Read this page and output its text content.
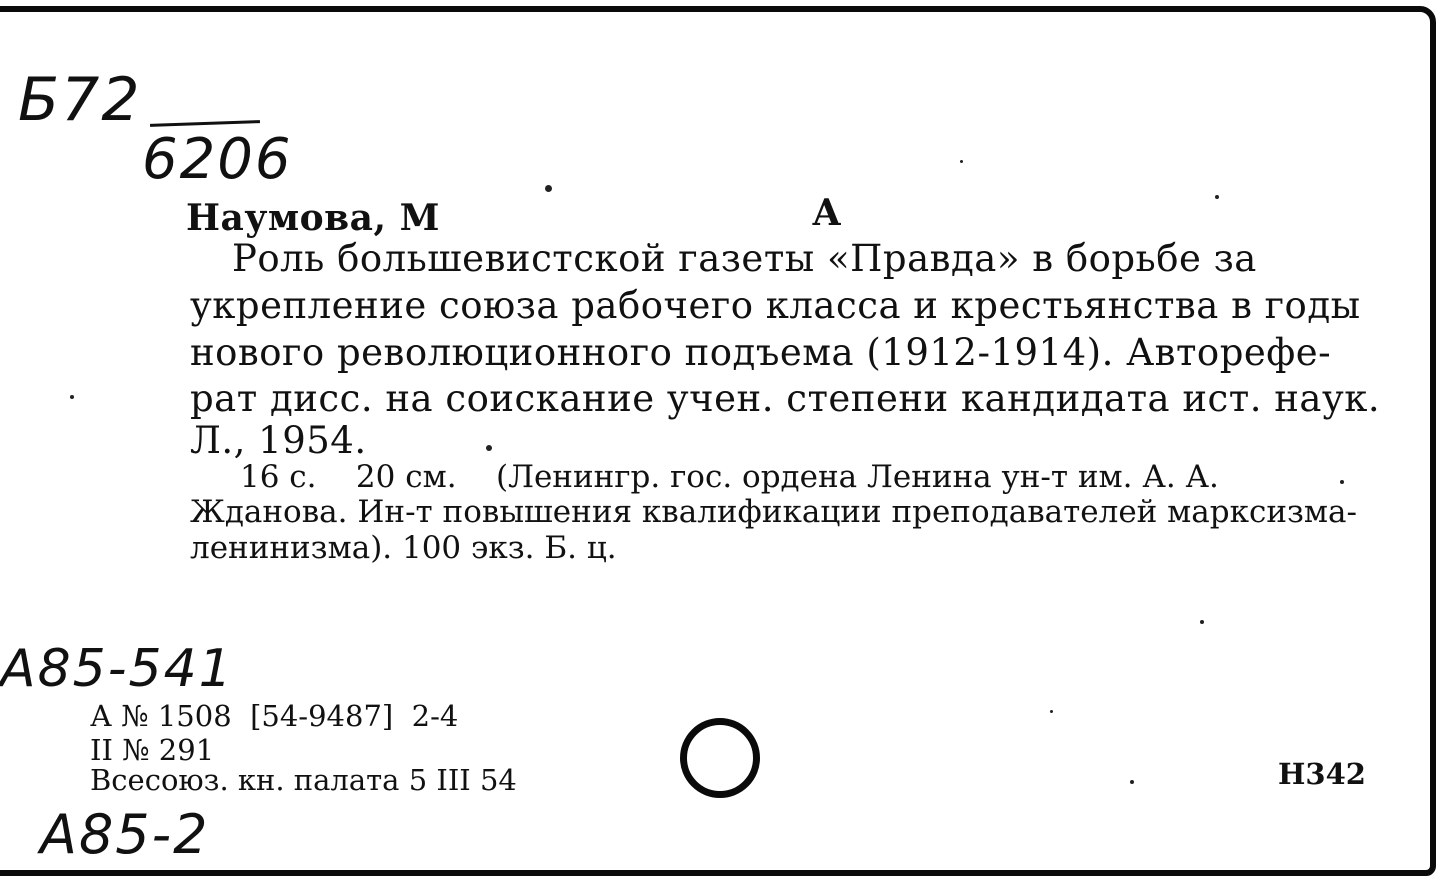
Б72
6206
Наумова, М	А
Роль большевистской газеты «Правда» в борьбе за
укрепление союза рабочего класса и крестьянства в годы
нового революционного подъема (1912-1914). Авторефе-
рат дисс. на соискание учен. степени кандидата ист. наук.
Л., 1954.
16 с.    20 см.    (Ленингр. гос. ордена Ленина ун-т им. А. А.
Жданова. Ин-т повышения квалификации преподавателей марксизма-
ленинизма). 100 экз. Б. ц.
A85-541
A85-2
А № 1508  [54-9487]  2-4
II № 291
Всесоюз. кн. палата 5 III 54	Н342
